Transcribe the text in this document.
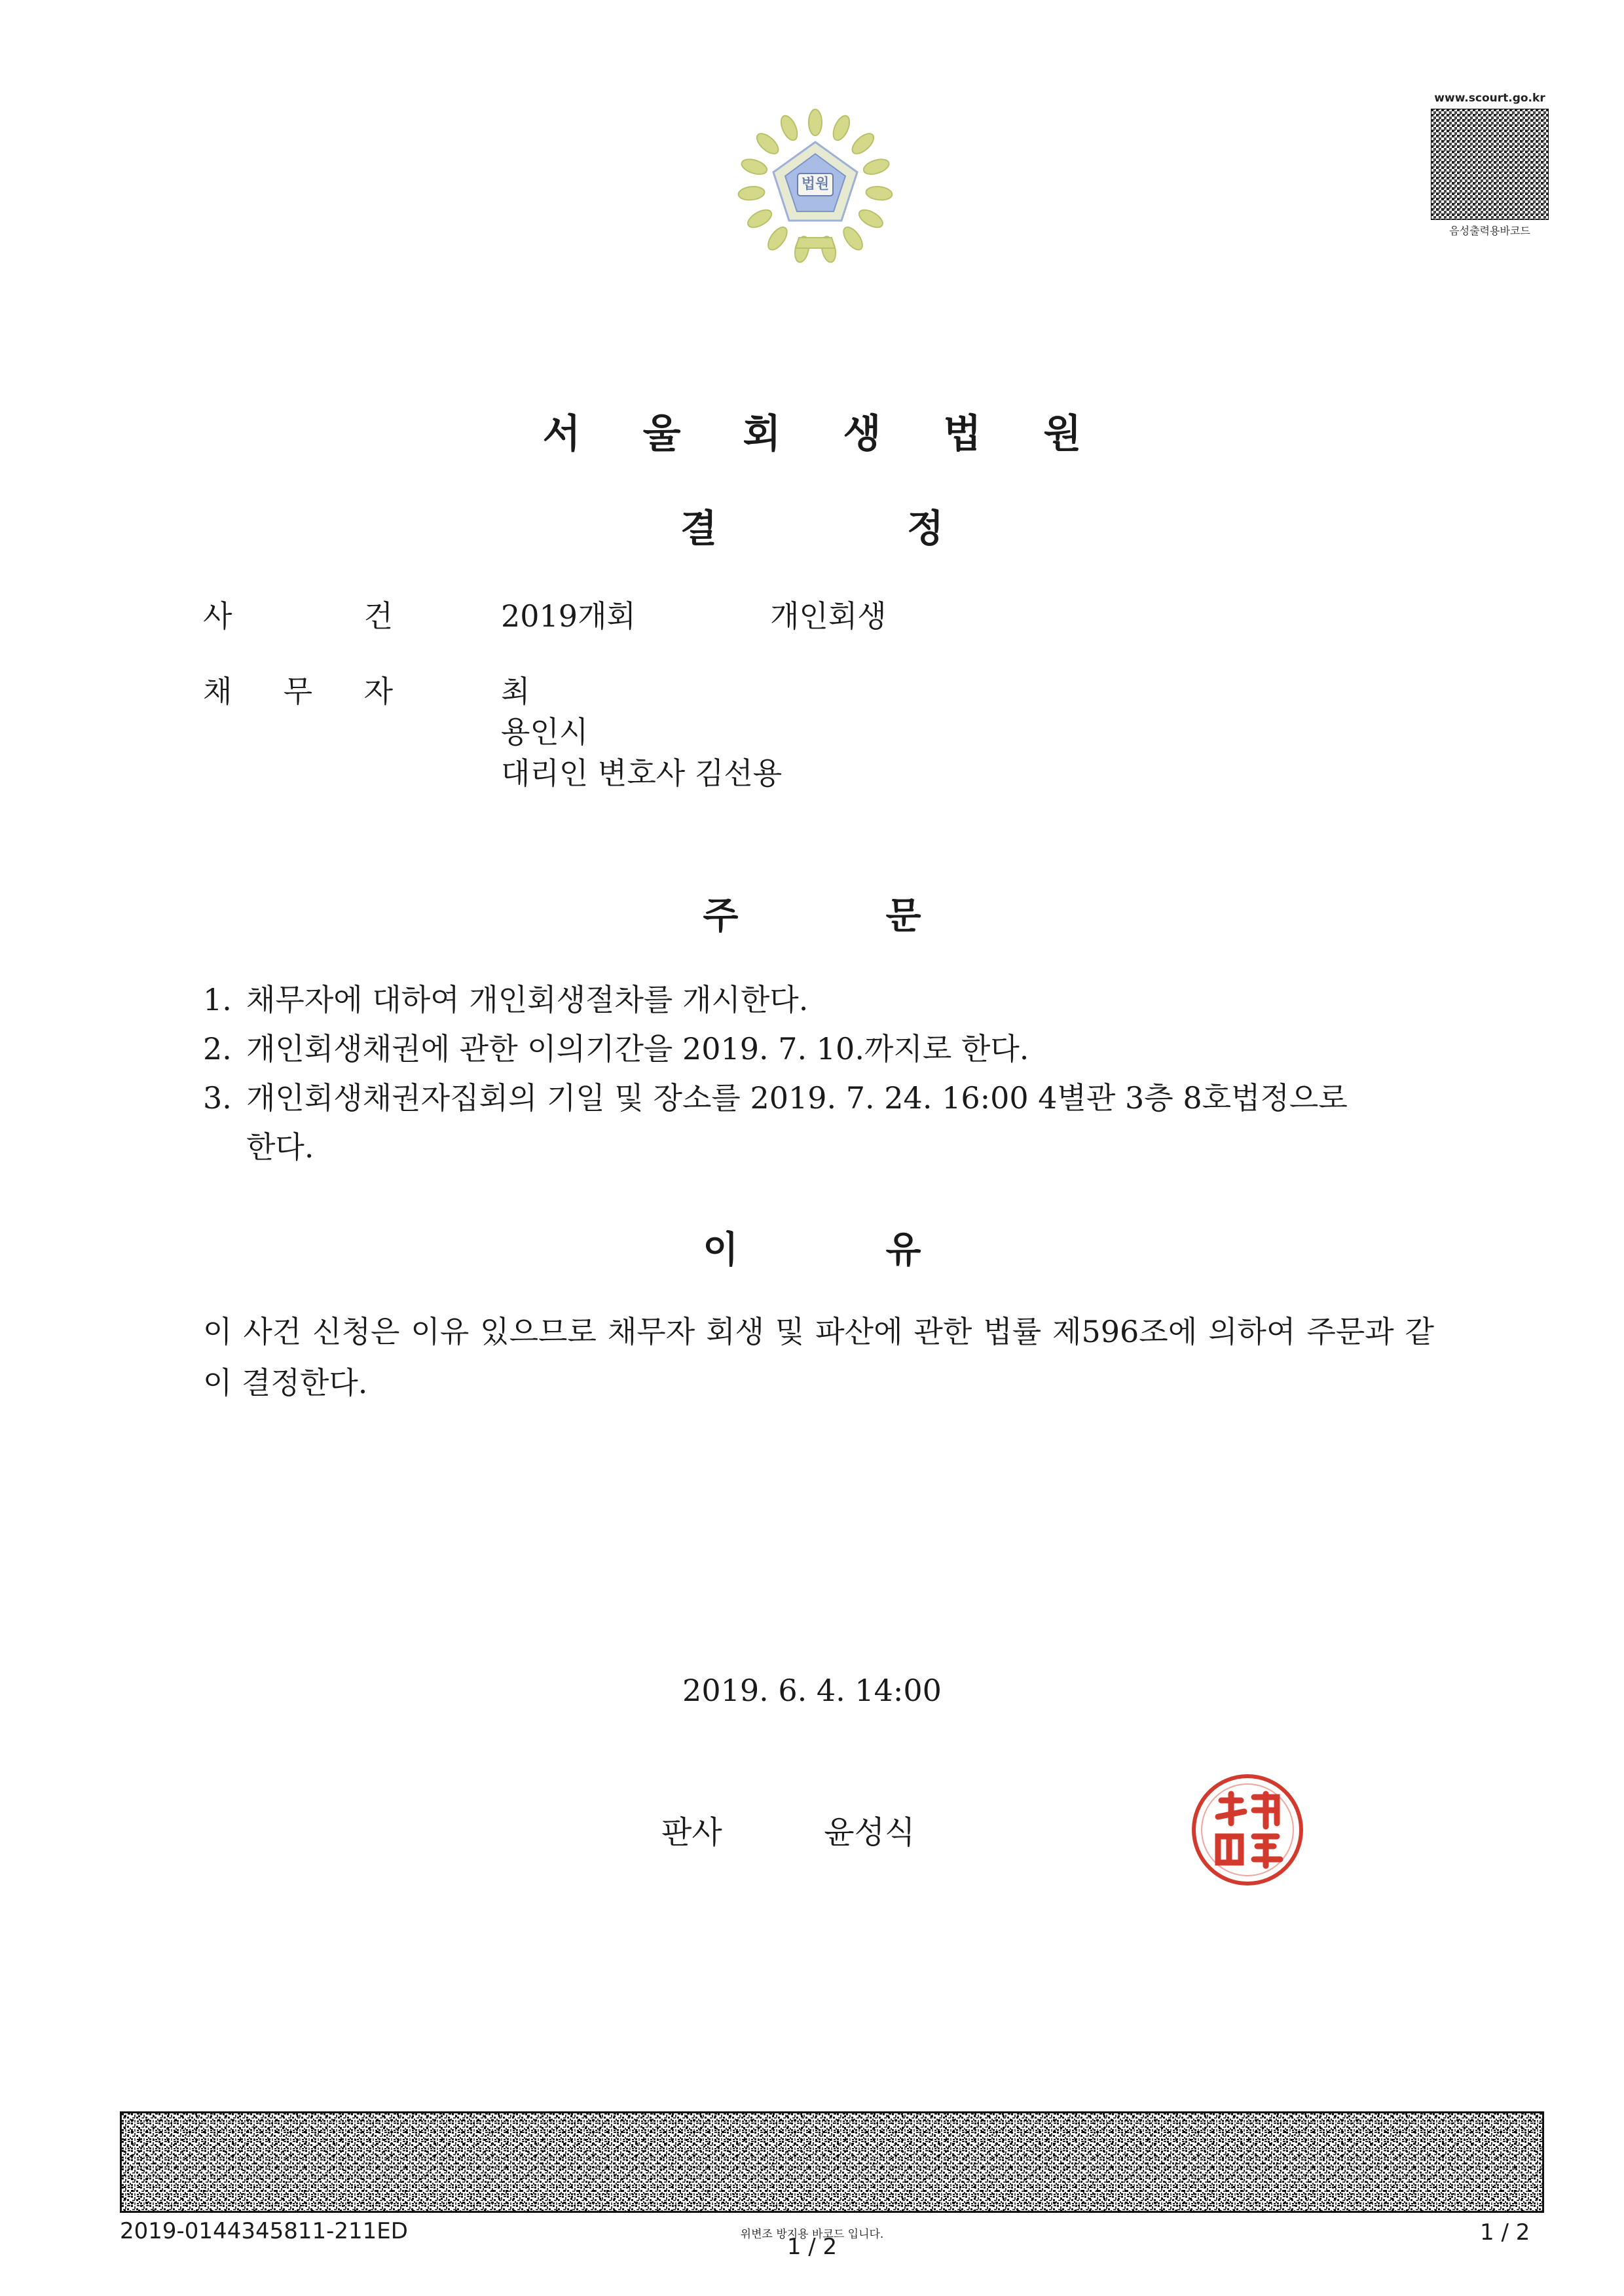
법원
www.scourt.go.kr
음성출력용바코드
서울회생법원
결정
사	건	2019개회	개인회생
채 무 자	최
용인시
대리인 변호사 김선용
주문
1. 채무자에 대하여 개인회생절차를 개시한다.
2. 개인회생채권에 관한 이의기간을 2019. 7. 10.까지로 한다.
3. 개인회생채권자집회의 기일 및 장소를 2019. 7. 24. 16:00 4별관 3층 8호법정으로
한다.
이유
이 사건 신청은 이유 있으므로 채무자 회생 및 파산에 관한 법률 제596조에 의하여 주문과 같이 결정한다.
2019. 6. 4. 14:00
판사	윤성식
2019-0144345811-211ED	위변조 방지용 바코드 입니다.
1 / 2
1 / 2
